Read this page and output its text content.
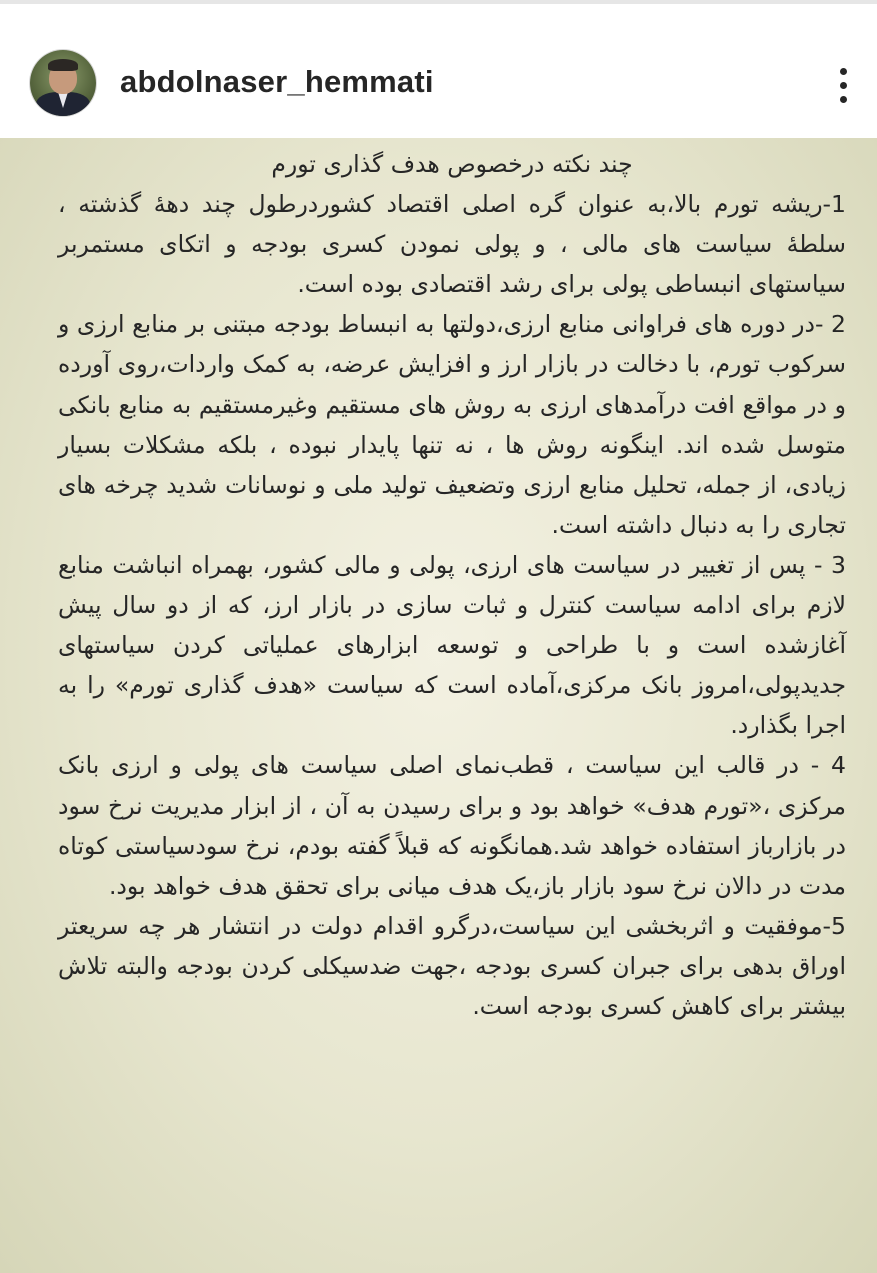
abdolnaser_hemmati
چند نکته درخصوص هدف گذاری تورم

1-ریشه تورم بالا،به عنوان گره اصلی اقتصاد کشوردرطول چند دههٔ گذشته ، سلطهٔ سیاست های مالی ، و پولی نمودن کسری بودجه و اتکای مستمربر سیاستهای انبساطی پولی برای رشد اقتصادی بوده است.

2 -در دوره های فراوانی منابع ارزی،دولتها به انبساط بودجه مبتنی بر منابع ارزی و سرکوب تورم، با دخالت در بازار ارز و افزایش عرضه، به کمک واردات،روی آورده و در مواقع افت درآمدهای ارزی به روش های مستقیم وغیرمستقیم به منابع بانکی متوسل شده اند. اینگونه روش ها ، نه تنها پایدار نبوده ، بلکه مشکلات بسیار زیادی، از جمله، تحلیل منابع ارزی وتضعیف تولید ملی و نوسانات شدید چرخه های تجاری را به دنبال داشته است.

3 - پس از تغییر در سیاست های ارزی، پولی و مالی کشور، بهمراه انباشت منابع لازم برای ادامه سیاست کنترل و ثبات سازی در بازار ارز، که از دو سال پیش آغازشده است و با طراحی و توسعه ابزارهای عملیاتی کردن سیاستهای جدیدپولی،امروز بانک مرکزی،آماده است که سیاست «هدف گذاری تورم» را به اجرا بگذارد.

4 - در قالب این سیاست ، قطب‌نمای اصلی سیاست های پولی و ارزی بانک مرکزی ،«تورم هدف» خواهد بود و برای رسیدن به آن ، از ابزار مدیریت نرخ سود در بازارباز استفاده خواهد شد.همانگونه که قبلاً گفته بودم، نرخ سودسیاستی کوتاه مدت در دالان نرخ سود بازار باز،یک هدف میانی برای تحقق هدف خواهد بود.

5-موفقیت و اثربخشی این سیاست،درگرو اقدام دولت در انتشار هر چه سریعتر اوراق بدهی برای جبران کسری بودجه ،جهت ضدسیکلی کردن بودجه والبته تلاش بیشتر برای کاهش کسری بودجه است.
